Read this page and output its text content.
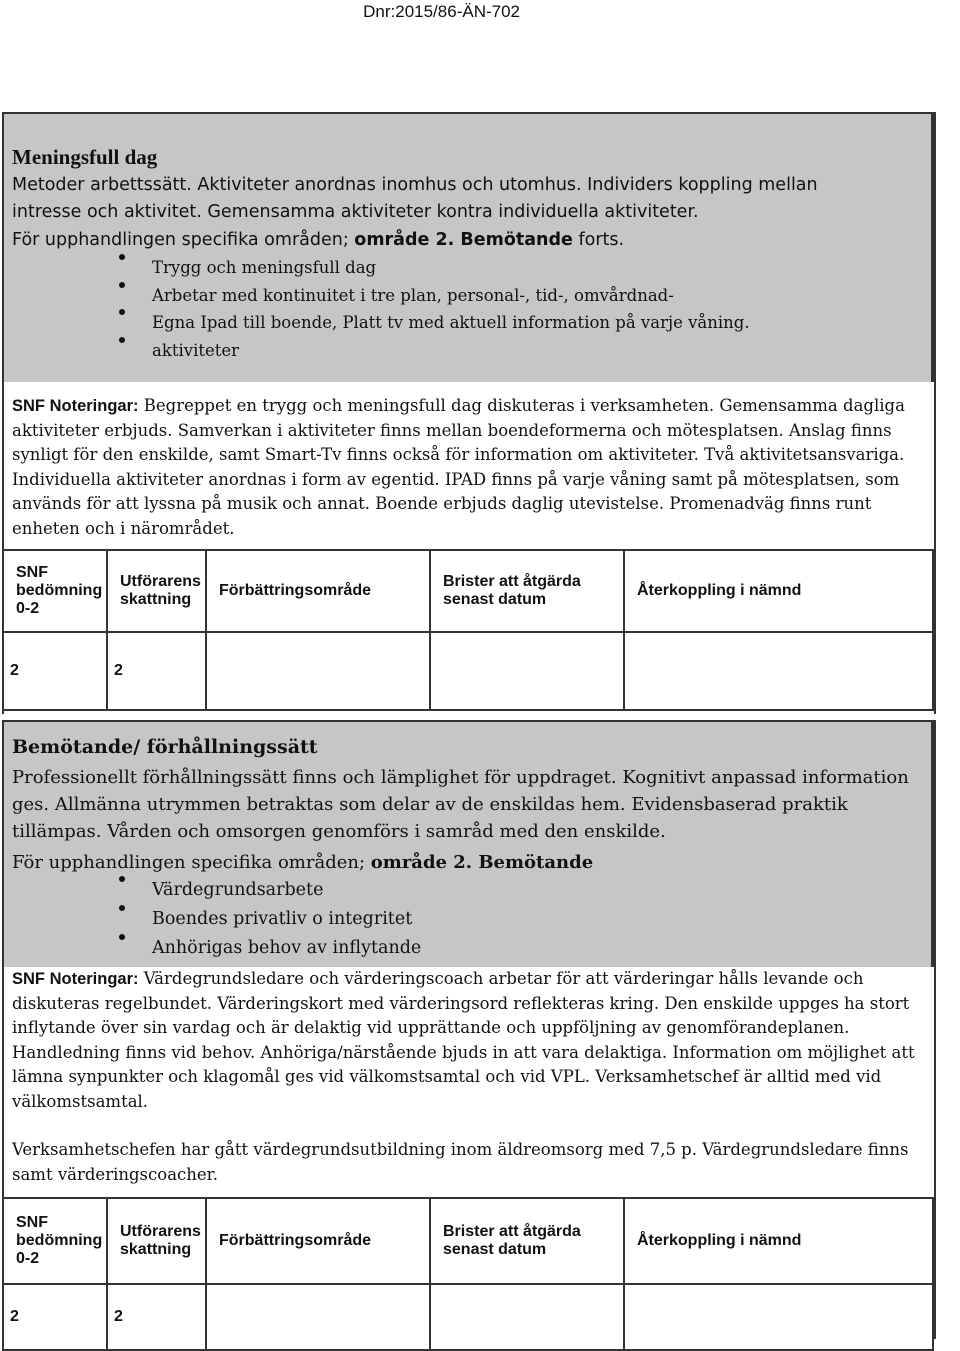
Dnr:2015/86-ÄN-702
Meningsfull dag
Metoder arbettssätt. Aktiviteter anordnas inomhus och utomhus. Individers koppling mellan
intresse och aktivitet. Gemensamma aktiviteter kontra individuella aktiviteter.
För upphandlingen specifika områden; område 2. Bemötande forts.
Trygg och meningsfull dag
Arbetar med kontinuitet i tre plan, personal-, tid-, omvårdnad-
Egna Ipad till boende, Platt tv med aktuell information på varje våning.
aktiviteter
SNF Noteringar: Begreppet en trygg och meningsfull dag diskuteras i verksamheten. Gemensamma dagliga aktiviteter erbjuds. Samverkan i aktiviteter finns mellan boendeformerna och mötesplatsen. Anslag finns synligt för den enskilde, samt Smart-Tv finns också för information om aktiviteter. Två aktivitetsansvariga. Individuella aktiviteter anordnas i form av egentid. IPAD finns på varje våning samt på mötesplatsen, som används för att lyssna på musik och annat. Boende erbjuds daglig utevistelse. Promenadväg finns runt enheten och i närområdet.
SNF bedömning 0-2	Utförarens skattning	Förbättringsområde	Brister att åtgärda senast datum	Återkoppling i nämnd
2	2			
Bemötande/ förhållningssätt
Professionellt förhållningssätt finns och lämplighet för uppdraget. Kognitivt anpassad information ges. Allmänna utrymmen betraktas som delar av de enskildas hem. Evidensbaserad praktik tillämpas. Vården och omsorgen genomförs i samråd med den enskilde.
För upphandlingen specifika områden; område 2. Bemötande
Värdegrundsarbete
Boendes privatliv o integritet
Anhörigas behov av inflytande
SNF Noteringar: Värdegrundsledare och värderingscoach arbetar för att värderingar hålls levande och diskuteras regelbundet. Värderingskort med värderingsord reflekteras kring. Den enskilde uppges ha stort inflytande över sin vardag och är delaktig vid upprättande och uppföljning av genomförandeplanen. Handledning finns vid behov. Anhöriga/närstående bjuds in att vara delaktiga. Information om möjlighet att lämna synpunkter och klagomål ges vid välkomstsamtal och vid VPL. Verksamhetschef är alltid med vid välkomstsamtal.
Verksamhetschefen har gått värdegrundsutbildning inom äldreomsorg med 7,5 p. Värdegrundsledare finns samt värderingscoacher.
SNF bedömning 0-2	Utförarens skattning	Förbättringsområde	Brister att åtgärda senast datum	Återkoppling i nämnd
2	2			
